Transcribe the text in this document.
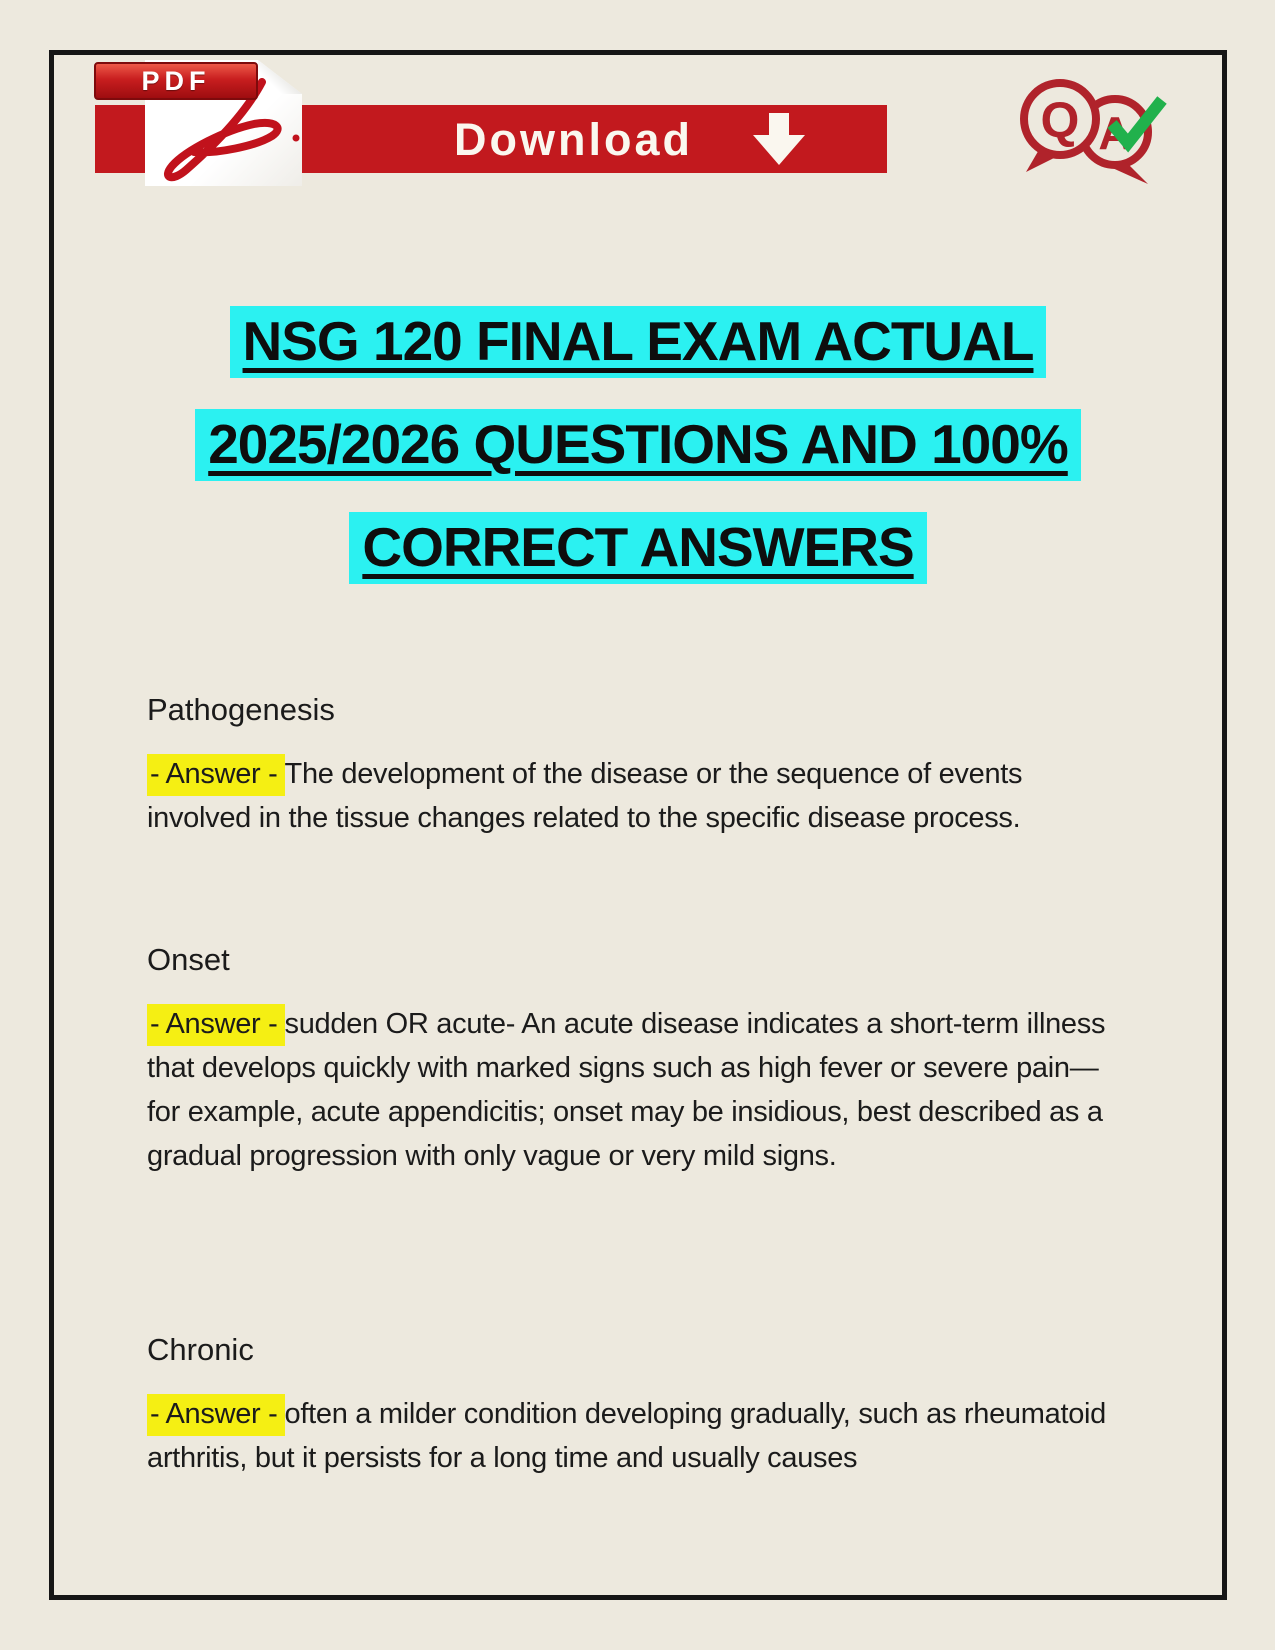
Download
PDF
A
Q
NSG 120 FINAL EXAM ACTUAL
2025/2026 QUESTIONS AND 100%
CORRECT ANSWERS
Pathogenesis

- Answer - The development of the disease or the sequence of events involved in the tissue changes related to the specific disease process.

Onset

- Answer - sudden OR acute- An acute disease indicates a short-term illness that develops quickly with marked signs such as high fever or severe pain—for example, acute appendicitis; onset may be insidious, best described as a gradual progression with only vague or very mild signs.

Chronic

- Answer - often a milder condition developing gradually, such as rheumatoid arthritis, but it persists for a long time and usually causes
